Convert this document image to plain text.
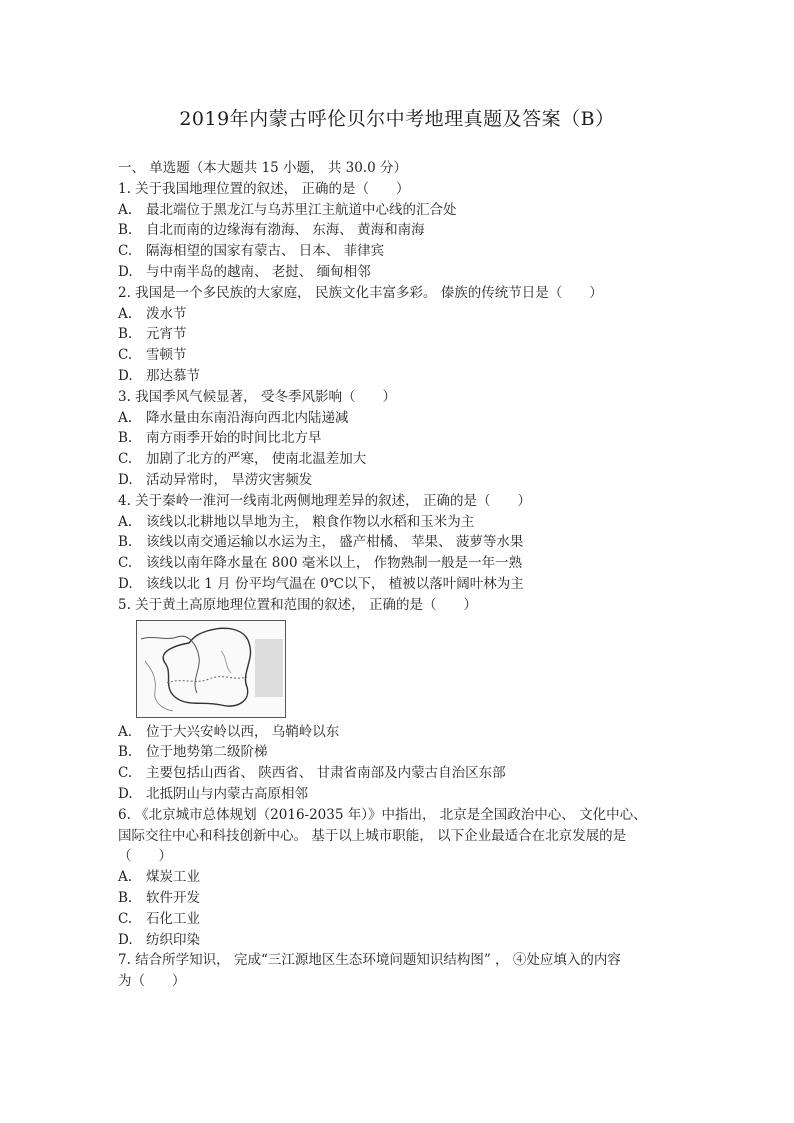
2019年内蒙古呼伦贝尔中考地理真题及答案（B）
一、 单选题（本大题共 15 小题， 共 30.0 分）
1. 关于我国地理位置的叙述， 正确的是（　　）
A.	最北端位于黑龙江与乌苏里江主航道中心线的汇合处
B.	自北而南的边缘海有渤海、 东海、 黄海和南海
C.	隔海相望的国家有蒙古、 日本、 菲律宾
D. 与中南半岛的越南、 老挝、 缅甸相邻
2. 我国是一个多民族的大家庭， 民族文化丰富多彩。 傣族的传统节日是（　　）
A.	泼水节
B.	元宵节
C.	雪顿节
D. 那达慕节
3. 我国季风气候显著， 受冬季风影响（　　）
A.	降水量由东南沿海向西北内陆递减
B.	南方雨季开始的时间比北方早
C.	加剧了北方的严寒， 使南北温差加大
D. 活动异常时， 旱涝灾害频发
4. 关于秦岭一淮河一线南北两侧地理差异的叙述， 正确的是（　　）
A.	该线以北耕地以旱地为主， 粮食作物以水稻和玉米为主
B.	该线以南交通运输以水运为主， 盛产柑橘、 苹果、 菠萝等水果
C.	该线以南年降水量在 800 毫米以上， 作物熟制一般是一年一熟
D. 该线以北 1 月 份平均气温在 0℃以下， 植被以落叶阔叶林为主
5. 关于黄土高原地理位置和范围的叙述， 正确的是（　　）
A.	位于大兴安岭以西， 乌鞘岭以东
B.	位于地势第二级阶梯
C.	主要包括山西省、 陕西省、 甘肃省南部及内蒙古自治区东部
D. 北抵阴山与内蒙古高原相邻
6. 《北京城市总体规划（2016-2035 年）》中指出， 北京是全国政治中心、 文化中心、
国际交往中心和科技创新中心。 基于以上城市职能， 以下企业最适合在北京发展的是
（　　）
A.	煤炭工业
B.	软件开发
C.	石化工业
D. 纺织印染
7. 结合所学知识， 完成“三江源地区生态环境问题知识结构图” ， ④处应填入的内容
为（　　）
